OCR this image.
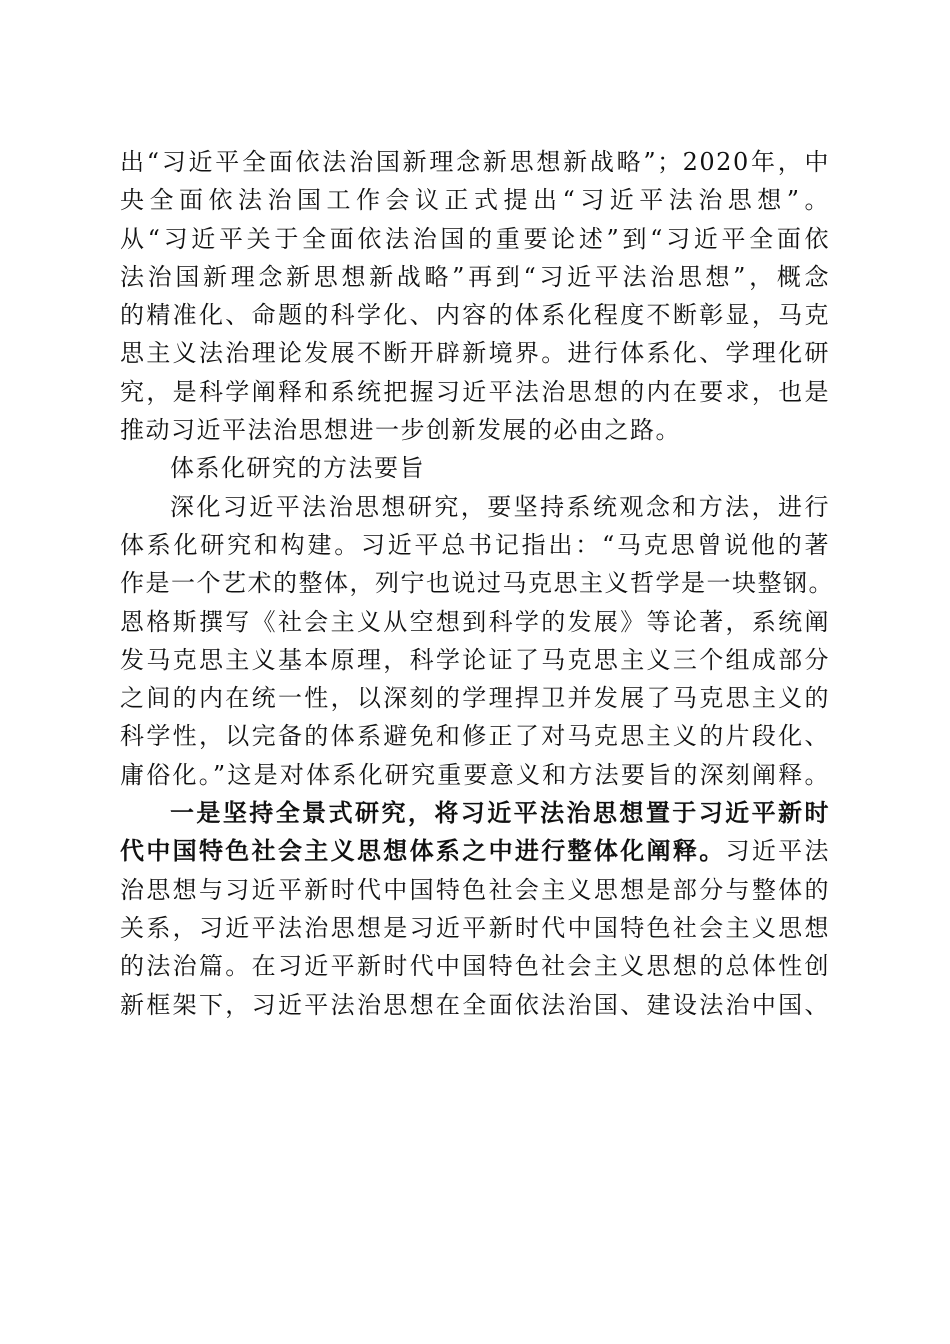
出“习近平全面依法治国新理念新思想新战略”；2020年，中
央全面依法治国工作会议正式提出“习近平法治思想”。
从“习近平关于全面依法治国的重要论述”到“习近平全面依
法治国新理念新思想新战略”再到“习近平法治思想”，概念
的精准化、命题的科学化、内容的体系化程度不断彰显，马克
思主义法治理论发展不断开辟新境界。进行体系化、学理化研
究，是科学阐释和系统把握习近平法治思想的内在要求，也是
推动习近平法治思想进一步创新发展的必由之路。
体系化研究的方法要旨
深化习近平法治思想研究，要坚持系统观念和方法，进行
体系化研究和构建。习近平总书记指出：“马克思曾说他的著
作是一个艺术的整体，列宁也说过马克思主义哲学是一块整钢。
恩格斯撰写《社会主义从空想到科学的发展》等论著，系统阐
发马克思主义基本原理，科学论证了马克思主义三个组成部分
之间的内在统一性，以深刻的学理捍卫并发展了马克思主义的
科学性，以完备的体系避免和修正了对马克思主义的片段化、
庸俗化。”这是对体系化研究重要意义和方法要旨的深刻阐释。
一是坚持全景式研究，将习近平法治思想置于习近平新时
代中国特色社会主义思想体系之中进行整体化阐释。习近平法
治思想与习近平新时代中国特色社会主义思想是部分与整体的
关系，习近平法治思想是习近平新时代中国特色社会主义思想
的法治篇。在习近平新时代中国特色社会主义思想的总体性创
新框架下，习近平法治思想在全面依法治国、建设法治中国、
